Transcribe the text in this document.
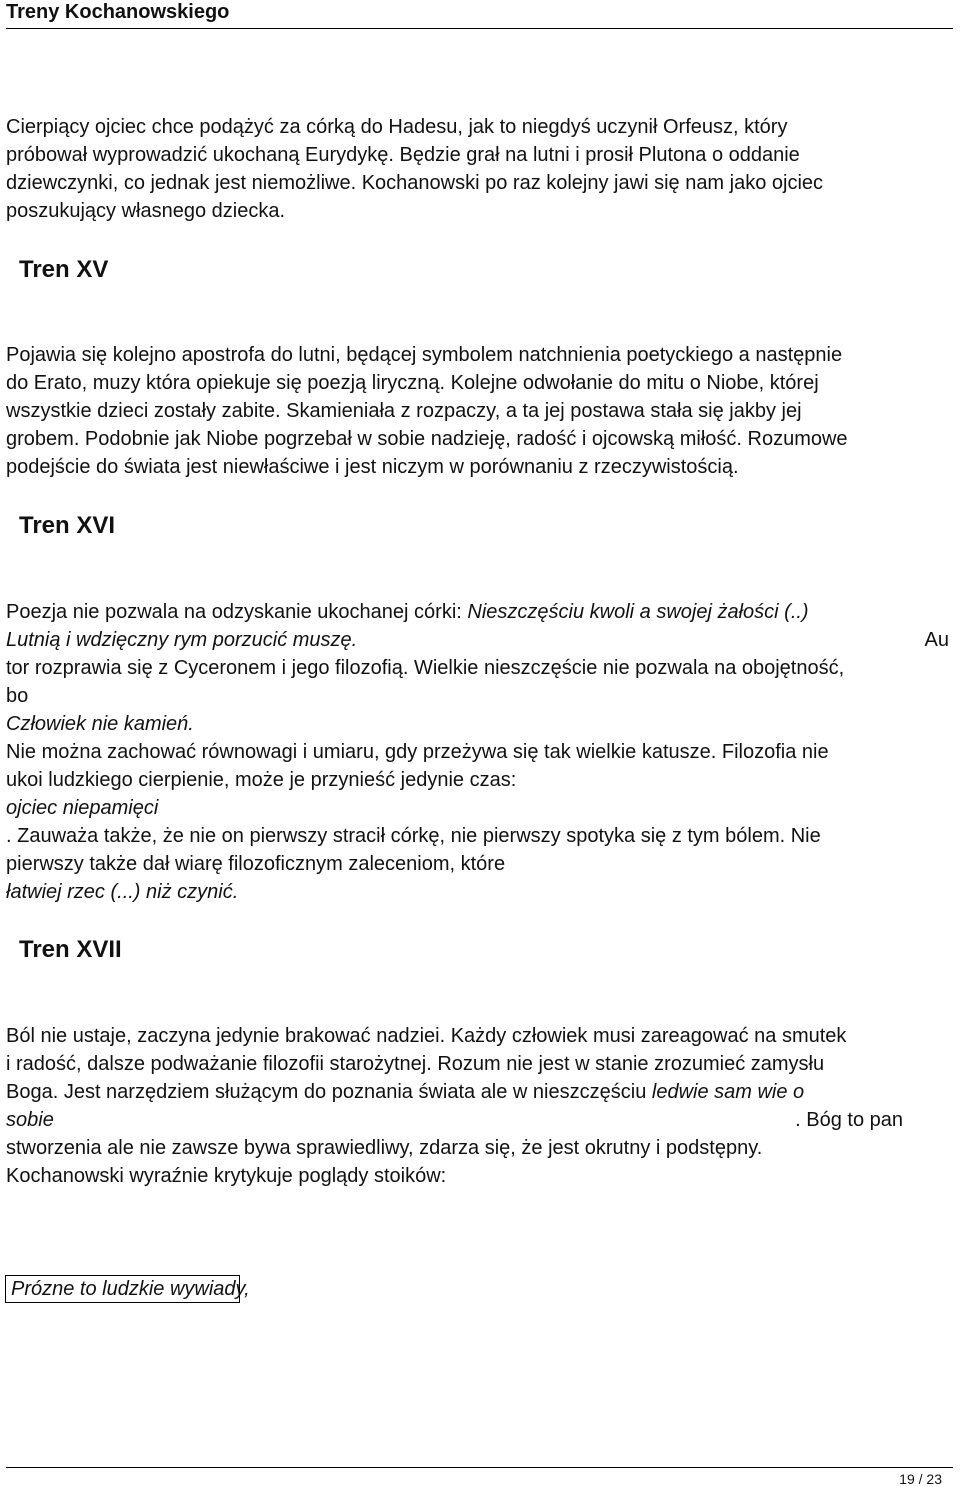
Treny Kochanowskiego
Cierpiący ojciec chce podążyć za córką do Hadesu, jak to niegdyś uczynił Orfeusz, który
próbował wyprowadzić ukochaną Eurydykę. Będzie grał na lutni i prosił Plutona o oddanie
dziewczynki, co jednak jest niemożliwe. Kochanowski po raz kolejny jawi się nam jako ojciec
poszukujący własnego dziecka.
Tren XV
Pojawia się kolejno apostrofa do lutni, będącej symbolem natchnienia poetyckiego a następnie
do Erato, muzy która opiekuje się poezją liryczną. Kolejne odwołanie do mitu o Niobe, której
wszystkie dzieci zostały zabite. Skamieniała z rozpaczy, a ta jej postawa stała się jakby jej
grobem. Podobnie jak Niobe pogrzebał w sobie nadzieję, radość i ojcowską miłość. Rozumowe
podejście do świata jest niewłaściwe i jest niczym w porównaniu z rzeczywistością.
Tren XVI
Poezja nie pozwala na odzyskanie ukochanej córki: Nieszczęściu kwoli a swojej żałości (..)
Lutnią i wdzięczny rym porzucić muszę.	Au
tor rozprawia się z Cyceronem i jego filozofią. Wielkie nieszczęście nie pozwala na obojętność,
bo
Człowiek nie kamień.
Nie można zachować równowagi i umiaru, gdy przeżywa się tak wielkie katusze. Filozofia nie
ukoi ludzkiego cierpienie, może je przynieść jedynie czas:
ojciec niepamięci
. Zauważa także, że nie on pierwszy stracił córkę, nie pierwszy spotyka się z tym bólem. Nie
pierwszy także dał wiarę filozoficznym zaleceniom, które
łatwiej rzec (...) niż czynić.
Tren XVII
Ból nie ustaje, zaczyna jedynie brakować nadziei. Każdy człowiek musi zareagować na smutek
i radość, dalsze podważanie filozofii starożytnej. Rozum nie jest w stanie zrozumieć zamysłu
Boga. Jest narzędziem służącym do poznania świata ale w nieszczęściu ledwie sam wie o
sobie	. Bóg to pan
stworzenia ale nie zawsze bywa sprawiedliwy, zdarza się, że jest okrutny i podstępny.
Kochanowski wyraźnie krytykuje poglądy stoików:
Prózne to ludzkie wywiady,
19 / 23
